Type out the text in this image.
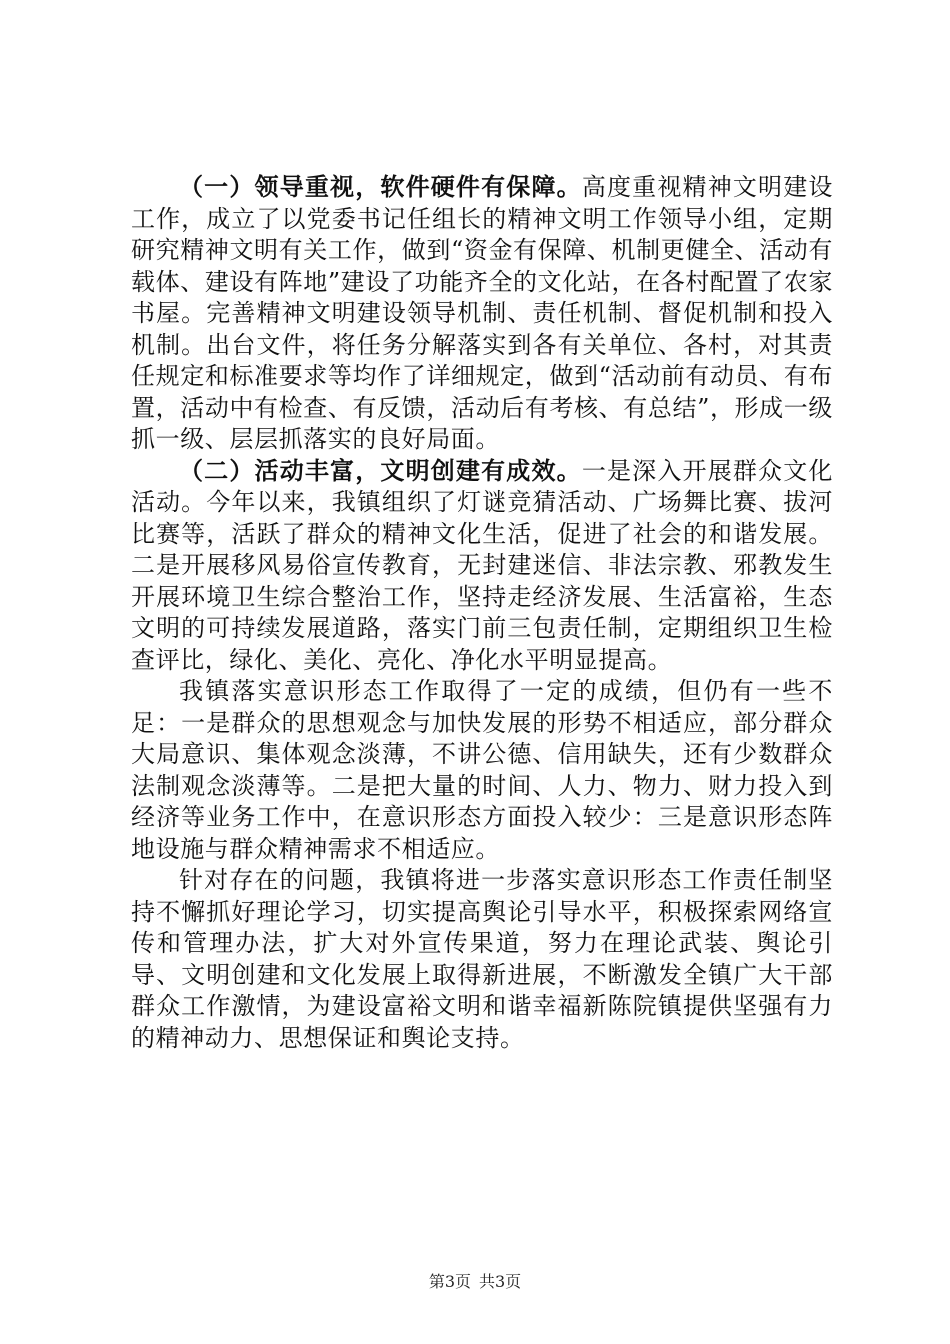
（一）领导重视，软件硬件有保障。高度重视精神文明建设工作，成立了以党委书记任组长的精神文明工作领导小组，定期研究精神文明有关工作，做到“资金有保障、机制更健全、活动有载体、建设有阵地”建设了功能齐全的文化站，在各村配置了农家书屋。完善精神文明建设领导机制、责任机制、督促机制和投入机制。出台文件，将任务分解落实到各有关单位、各村，对其责任规定和标准要求等均作了详细规定，做到“活动前有动员、有布置，活动中有检查、有反馈，活动后有考核、有总结”，形成一级抓一级、层层抓落实的良好局面。

（二）活动丰富，文明创建有成效。一是深入开展群众文化活动。今年以来，我镇组织了灯谜竞猜活动、广场舞比赛、拔河比赛等，活跃了群众的精神文化生活，促进了社会的和谐发展。二是开展移风易俗宣传教育，无封建迷信、非法宗教、邪教发生开展环境卫生综合整治工作，坚持走经济发展、生活富裕，生态文明的可持续发展道路，落实门前三包责任制，定期组织卫生检查评比，绿化、美化、亮化、净化水平明显提高。

我镇落实意识形态工作取得了一定的成绩，但仍有一些不足：一是群众的思想观念与加快发展的形势不相适应，部分群众大局意识、集体观念淡薄，不讲公德、信用缺失，还有少数群众法制观念淡薄等。二是把大量的时间、人力、物力、财力投入到经济等业务工作中，在意识形态方面投入较少：三是意识形态阵地设施与群众精神需求不相适应。

针对存在的问题，我镇将进一步落实意识形态工作责任制坚持不懈抓好理论学习，切实提高舆论引导水平，积极探索网络宣传和管理办法，扩大对外宣传果道，努力在理论武装、舆论引导、文明创建和文化发展上取得新进展，不断激发全镇广大干部群众工作激情，为建设富裕文明和谐幸福新陈院镇提供坚强有力的精神动力、思想保证和舆论支持。

第3页 共3页
